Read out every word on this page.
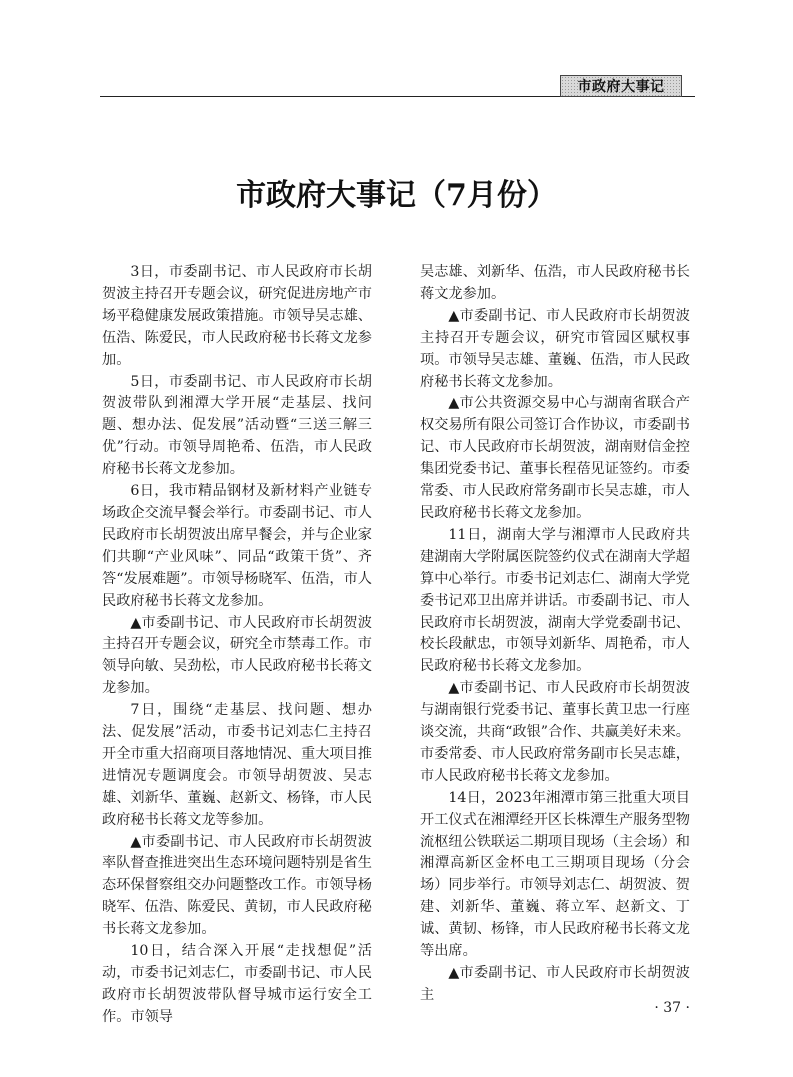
市政府大事记
市政府大事记（7月份）

3日，市委副书记、市人民政府市长胡贺波主持召开专题会议，研究促进房地产市场平稳健康发展政策措施。市领导吴志雄、伍浩、陈爱民，市人民政府秘书长蒋文龙参加。

5日，市委副书记、市人民政府市长胡贺波带队到湘潭大学开展“走基层、找问题、想办法、促发展”活动暨“三送三解三优”行动。市领导周艳希、伍浩，市人民政府秘书长蒋文龙参加。

6日，我市精品钢材及新材料产业链专场政企交流早餐会举行。市委副书记、市人民政府市长胡贺波出席早餐会，并与企业家们共聊“产业风味”、同品“政策干货”、齐答“发展难题”。市领导杨晓军、伍浩，市人民政府秘书长蒋文龙参加。

▲市委副书记、市人民政府市长胡贺波主持召开专题会议，研究全市禁毒工作。市领导向敏、吴劲松，市人民政府秘书长蒋文龙参加。

7日，围绕“走基层、找问题、想办法、促发展”活动，市委书记刘志仁主持召开全市重大招商项目落地情况、重大项目推进情况专题调度会。市领导胡贺波、吴志雄、刘新华、董巍、赵新文、杨锋，市人民政府秘书长蒋文龙等参加。

▲市委副书记、市人民政府市长胡贺波率队督查推进突出生态环境问题特别是省生态环保督察组交办问题整改工作。市领导杨晓军、伍浩、陈爱民、黄韧，市人民政府秘书长蒋文龙参加。

10日，结合深入开展“走找想促”活动，市委书记刘志仁，市委副书记、市人民政府市长胡贺波带队督导城市运行安全工作。市领导

吴志雄、刘新华、伍浩，市人民政府秘书长蒋文龙参加。

▲市委副书记、市人民政府市长胡贺波主持召开专题会议，研究市管园区赋权事项。市领导吴志雄、董巍、伍浩，市人民政府秘书长蒋文龙参加。

▲市公共资源交易中心与湖南省联合产权交易所有限公司签订合作协议，市委副书记、市人民政府市长胡贺波，湖南财信金控集团党委书记、董事长程蓓见证签约。市委常委、市人民政府常务副市长吴志雄，市人民政府秘书长蒋文龙参加。

11日，湖南大学与湘潭市人民政府共建湖南大学附属医院签约仪式在湖南大学超算中心举行。市委书记刘志仁、湖南大学党委书记邓卫出席并讲话。市委副书记、市人民政府市长胡贺波，湖南大学党委副书记、校长段献忠，市领导刘新华、周艳希，市人民政府秘书长蒋文龙参加。

▲市委副书记、市人民政府市长胡贺波与湖南银行党委书记、董事长黄卫忠一行座谈交流，共商“政银”合作、共赢美好未来。市委常委、市人民政府常务副市长吴志雄，市人民政府秘书长蒋文龙参加。

14日，2023年湘潭市第三批重大项目开工仪式在湘潭经开区长株潭生产服务型物流枢纽公铁联运二期项目现场（主会场）和湘潭高新区金杯电工三期项目现场（分会场）同步举行。市领导刘志仁、胡贺波、贺建、刘新华、董巍、蒋立军、赵新文、丁诚、黄韧、杨锋，市人民政府秘书长蒋文龙等出席。

▲市委副书记、市人民政府市长胡贺波主

· 37 ·
